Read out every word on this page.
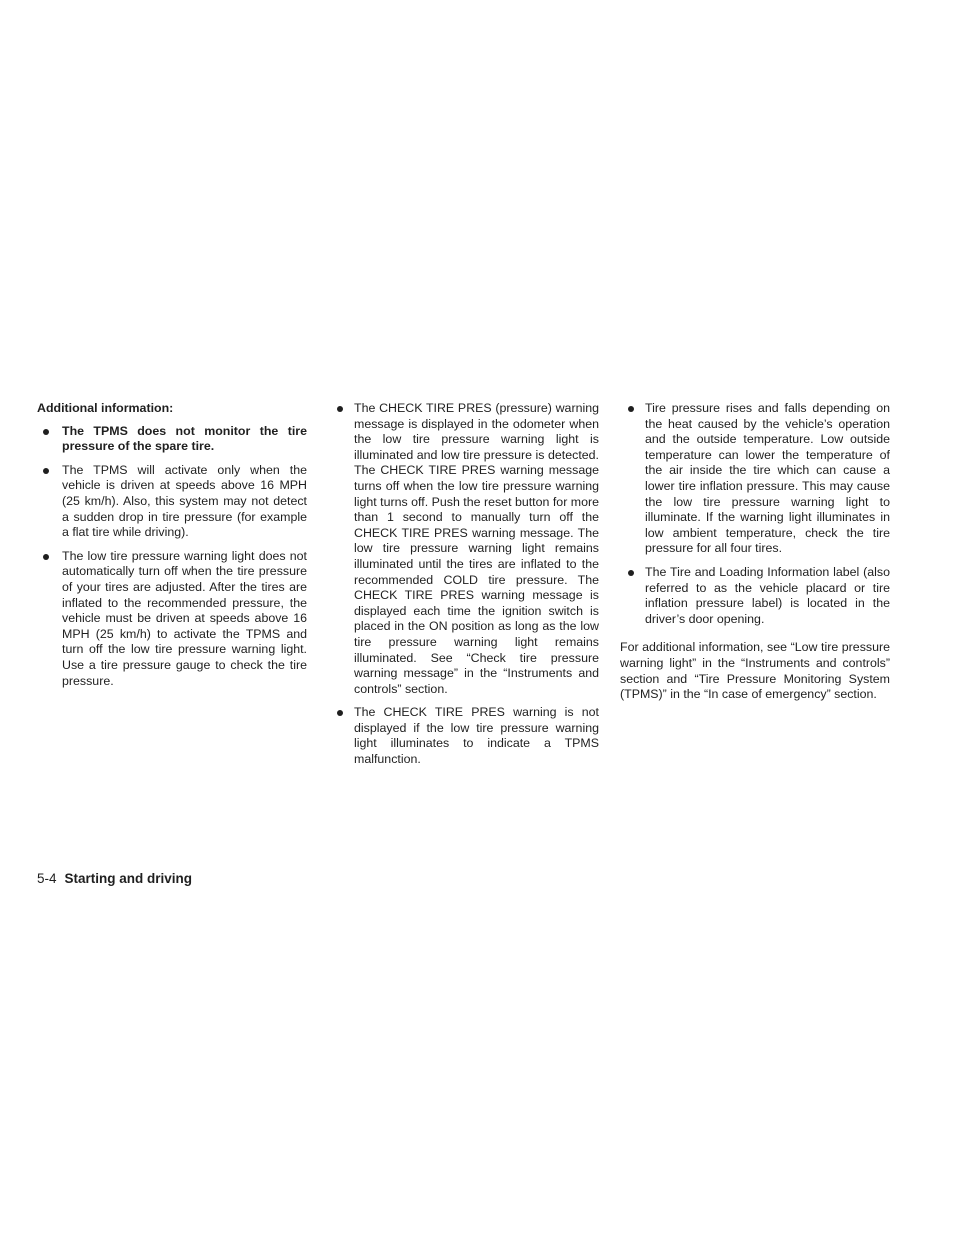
Additional information:
The TPMS does not monitor the tire pressure of the spare tire.
The TPMS will activate only when the vehicle is driven at speeds above 16 MPH (25 km/h). Also, this system may not detect a sudden drop in tire pressure (for example a flat tire while driving).
The low tire pressure warning light does not automatically turn off when the tire pressure of your tires are adjusted. After the tires are inflated to the recommended pressure, the vehicle must be driven at speeds above 16 MPH (25 km/h) to activate the TPMS and turn off the low tire pressure warning light. Use a tire pressure gauge to check the tire pressure.
The CHECK TIRE PRES (pressure) warning message is displayed in the odometer when the low tire pressure warning light is illuminated and low tire pressure is detected. The CHECK TIRE PRES warning message turns off when the low tire pressure warning light turns off. Push the reset button for more than 1 second to manually turn off the CHECK TIRE PRES warning message. The low tire pressure warning light remains illuminated until the tires are inflated to the recommended COLD tire pressure. The CHECK TIRE PRES warning message is displayed each time the ignition switch is placed in the ON position as long as the low tire pressure warning light remains illuminated. See “Check tire pressure warning message” in the “Instruments and controls” section.
The CHECK TIRE PRES warning is not displayed if the low tire pressure warning light illuminates to indicate a TPMS malfunction.
Tire pressure rises and falls depending on the heat caused by the vehicle’s operation and the outside temperature. Low outside temperature can lower the temperature of the air inside the tire which can cause a lower tire inflation pressure. This may cause the low tire pressure warning light to illuminate. If the warning light illuminates in low ambient temperature, check the tire pressure for all four tires.
The Tire and Loading Information label (also referred to as the vehicle placard or tire inflation pressure label) is located in the driver’s door opening.

For additional information, see “Low tire pressure warning light” in the “Instruments and controls” section and “Tire Pressure Monitoring System (TPMS)” in the “In case of emergency” section.

5-4 Starting and driving
